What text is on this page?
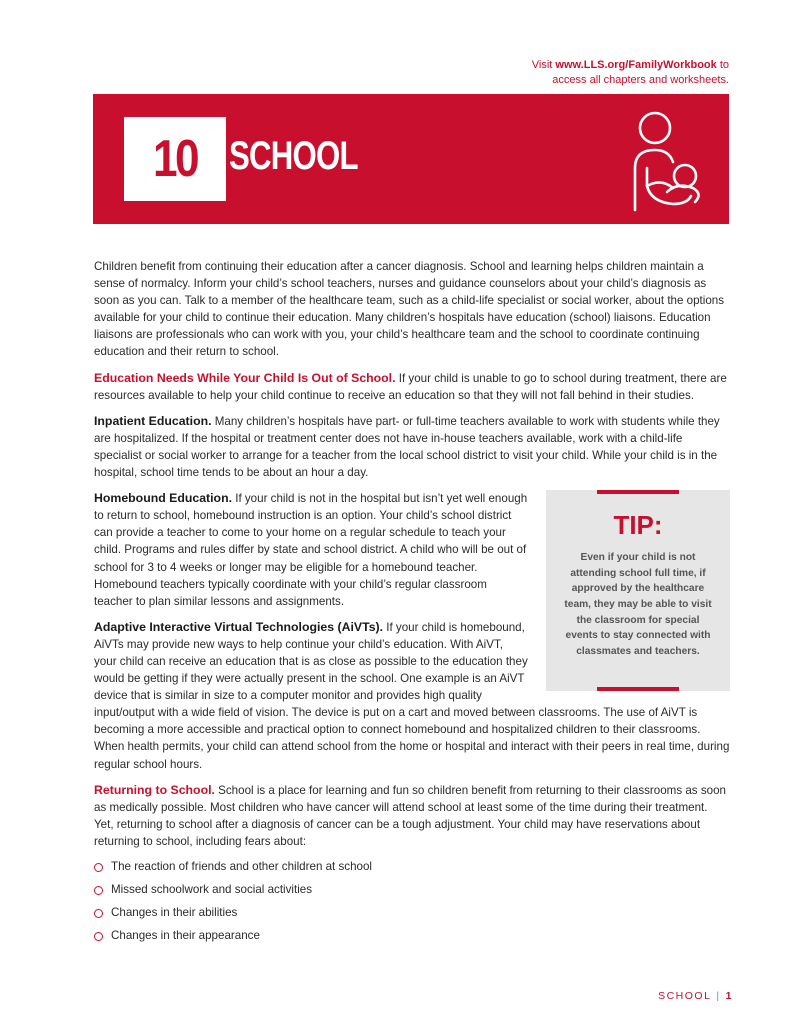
Visit www.LLS.org/FamilyWorkbook to
access all chapters and worksheets.
10 SCHOOL

Children benefit from continuing their education after a cancer diagnosis. School and learning helps children maintain a sense of normalcy. Inform your child’s school teachers, nurses and guidance counselors about your child’s diagnosis as soon as you can. Talk to a member of the healthcare team, such as a child-life specialist or social worker, about the options available for your child to continue their education. Many children’s hospitals have education (school) liaisons. Education liaisons are professionals who can work with you, your child’s healthcare team and the school to coordinate continuing education and their return to school.

Education Needs While Your Child Is Out of School. If your child is unable to go to school during treatment, there are resources available to help your child continue to receive an education so that they will not fall behind in their studies.

Inpatient Education. Many children’s hospitals have part- or full-time teachers available to work with students while they are hospitalized. If the hospital or treatment center does not have in-house teachers available, work with a child-life specialist or social worker to arrange for a teacher from the local school district to visit your child. While your child is in the hospital, school time tends to be about an hour a day.

TIP:
Even if your child is not attending school full time, if approved by the healthcare team, they may be able to visit the classroom for special events to stay connected with classmates and teachers.

Homebound Education. If your child is not in the hospital but isn’t yet well enough to return to school, homebound instruction is an option. Your child’s school district can provide a teacher to come to your home on a regular schedule to teach your child. Programs and rules differ by state and school district. A child who will be out of school for 3 to 4 weeks or longer may be eligible for a homebound teacher. Homebound teachers typically coordinate with your child’s regular classroom teacher to plan similar lessons and assignments.

Adaptive Interactive Virtual Technologies (AiVTs). If your child is homebound, AiVTs may provide new ways to help continue your child’s education. With AiVT, your child can receive an education that is as close as possible to the education they would be getting if they were actually present in the school. One example is an AiVT device that is similar in size to a computer monitor and provides high quality input/output with a wide field of vision. The device is put on a cart and moved between classrooms. The use of AiVT is becoming a more accessible and practical option to connect homebound and hospitalized children to their classrooms. When health permits, your child can attend school from the home or hospital and interact with their peers in real time, during regular school hours.

Returning to School. School is a place for learning and fun so children benefit from returning to their classrooms as soon as medically possible. Most children who have cancer will attend school at least some of the time during their treatment. Yet, returning to school after a diagnosis of cancer can be a tough adjustment. Your child may have reservations about returning to school, including fears about:

The reaction of friends and other children at school
Missed schoolwork and social activities
Changes in their abilities
Changes in their appearance
SCHOOL | 1
